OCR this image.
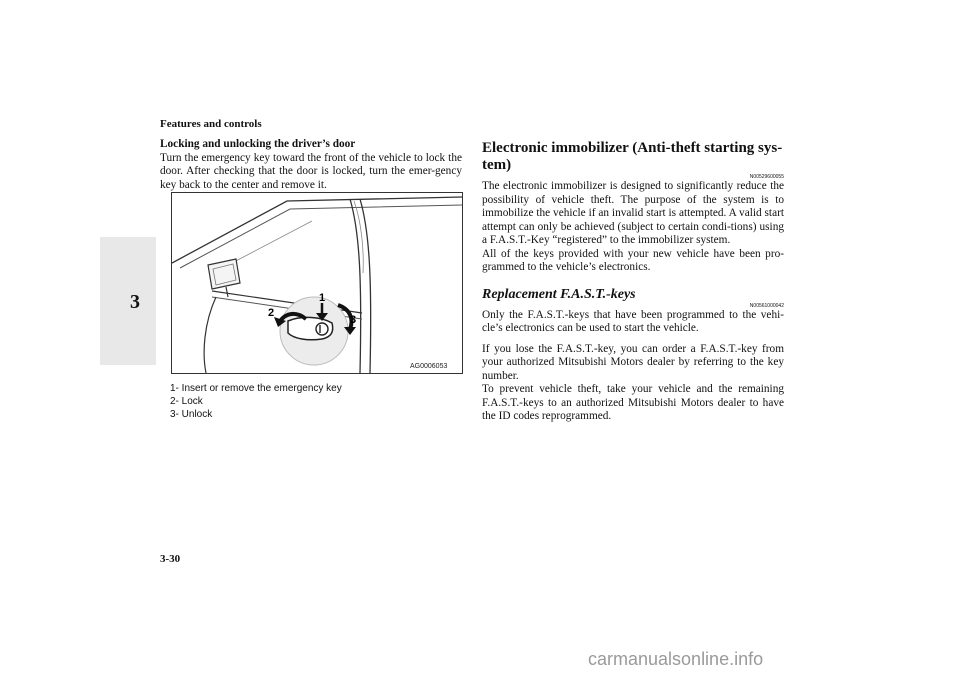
Features and controls
3
Locking and unlocking the driver’s door

Turn the emergency key toward the front of the vehicle to lock the door. After checking that the door is locked, turn the emer-gency key back to the center and remove it.

1
2
3
AG0006053
1- Insert or remove the emergency key
2- Lock
3- Unlock
Electronic immobilizer (Anti-theft starting sys-tem)
N00529600055

The electronic immobilizer is designed to significantly reduce the possibility of vehicle theft. The purpose of the system is to immobilize the vehicle if an invalid start is attempted. A valid start attempt can only be achieved (subject to certain condi-tions) using a F.A.S.T.-Key “registered” to the immobilizer system.

All of the keys provided with your new vehicle have been pro-grammed to the vehicle’s electronics.

Replacement F.A.S.T.-keys
N00561000042

Only the F.A.S.T.-keys that have been programmed to the vehi-cle’s electronics can be used to start the vehicle.

If you lose the F.A.S.T.-key, you can order a F.A.S.T.-key from your authorized Mitsubishi Motors dealer by referring to the key number.

To prevent vehicle theft, take your vehicle and the remaining F.A.S.T.-keys to an authorized Mitsubishi Motors dealer to have the ID codes reprogrammed.

3-30
carmanualsonline.info
